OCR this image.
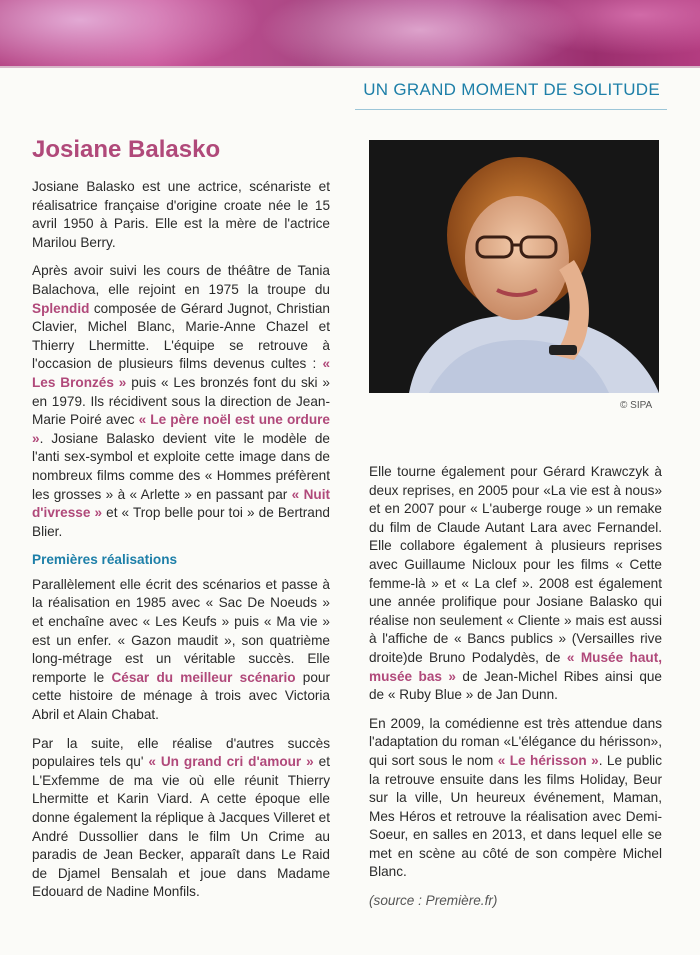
UN GRAND MOMENT DE SOLITUDE
Josiane Balasko

Josiane Balasko est une actrice, scénariste et réalisatrice française d'origine croate née le 15 avril 1950 à Paris. Elle est la mère de l'actrice Marilou Berry.

Après avoir suivi les cours de théâtre de Tania Balachova, elle rejoint en 1975 la troupe du Splendid composée de Gérard Jugnot, Christian Clavier, Michel Blanc, Marie-Anne Chazel et Thierry Lhermitte. L'équipe se retrouve à l'occasion de plusieurs films devenus cultes : « Les Bronzés » puis « Les bronzés font du ski » en 1979. Ils récidivent sous la direction de Jean-Marie Poiré avec « Le père noël est une ordure ». Josiane Balasko devient vite le modèle de l'anti sex-symbol et exploite cette image dans de nombreux films comme des « Hommes préfèrent les grosses » à « Arlette » en passant par « Nuit d'ivresse » et « Trop belle pour toi » de Bertrand Blier.

Premières réalisations

Parallèlement elle écrit des scénarios et passe à la réalisation en 1985 avec « Sac De Noeuds » et enchaîne avec « Les Keufs » puis « Ma vie » est un enfer. « Gazon maudit », son quatrième long-métrage est un véritable succès. Elle remporte le César du meilleur scénario pour cette histoire de ménage à trois avec Victoria Abril et Alain Chabat.

Par la suite, elle réalise d'autres succès populaires tels qu' « Un grand cri d'amour » et L'Exfemme de ma vie où elle réunit Thierry Lhermitte et Karin Viard. A cette époque elle donne également la réplique à Jacques Villeret et André Dussollier dans le film Un Crime au paradis de Jean Becker, apparaît dans Le Raid de Djamel Bensalah et joue dans Madame Edouard de Nadine Monfils.

© SIPA

Elle tourne également pour Gérard Krawczyk à deux reprises, en 2005 pour «La vie est à nous» et en 2007 pour « L'auberge rouge » un remake du film de Claude Autant Lara avec Fernandel. Elle collabore également à plusieurs reprises avec Guillaume Nicloux pour les films « Cette femme-là » et « La clef ». 2008 est également une année prolifique pour Josiane Balasko qui réalise non seulement « Cliente » mais est aussi à l'affiche de « Bancs publics » (Versailles rive droite)de Bruno Podalydès, de « Musée haut, musée bas » de Jean-Michel Ribes ainsi que de « Ruby Blue » de Jan Dunn.

En 2009, la comédienne est très attendue dans l'adaptation du roman «L'élégance du hérisson», qui sort sous le nom « Le hérisson ». Le public la retrouve ensuite dans les films Holiday, Beur sur la ville, Un heureux événement, Maman, Mes Héros et retrouve la réalisation avec Demi-Soeur, en salles en 2013, et dans lequel elle se met en scène au côté de son compère Michel Blanc.

(source : Première.fr)
